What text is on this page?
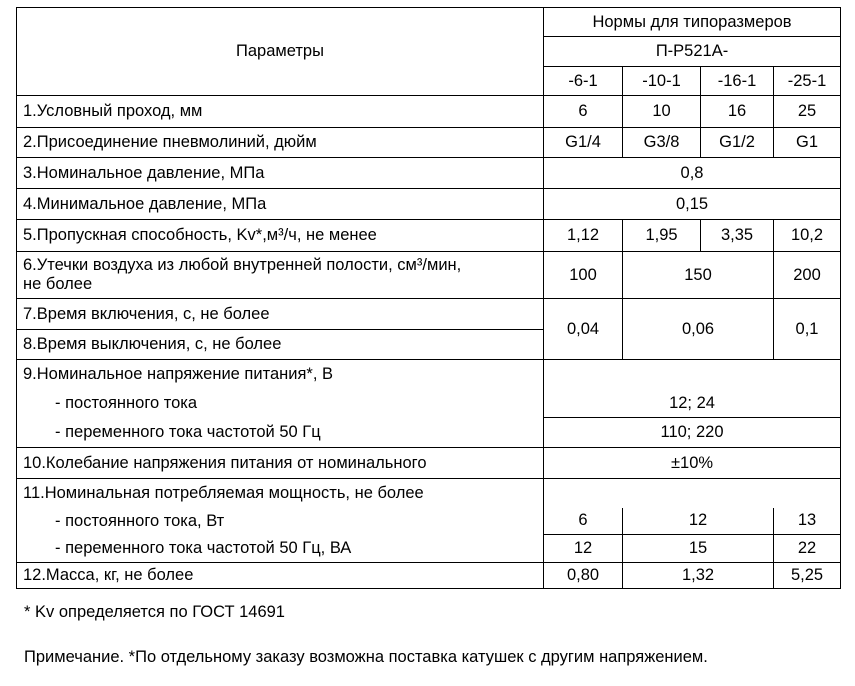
Параметры	Нормы для типоразмеров			
	П-Р521А-			
	-6-1	-10-1	-16-1	-25-1
1.Условный проход, мм	6	10	16	25
2.Присоединение пневмолиний, дюйм	G1/4	G3/8	G1/2	G1
3.Номинальное давление, МПа	0,8			
4.Минимальное давление, МПа	0,15			
5.Пропускная способность, Kv*,м³/ч, не менее	1,12	1,95	3,35	10,2

6.Утечки воздуха из любой внутренней полости, см³/мин,
не более	100	150		200
7.Время включения, с, не более	0,04	0,06		0,1
8.Время выключения, с, не более				
9.Номинальное напряжение питания*, В				
- постоянного тока	12; 24			
- переменного тока частотой 50 Гц	110; 220			
10.Колебание напряжения питания от номинального	±10%			
11.Номинальная потребляемая мощность, не более				
- постоянного тока, Вт	6	12		13
- переменного тока частотой 50 Гц, ВА	12	15		22
12.Масса, кг, не более	0,80	1,32		5,25
* Kv определяется по ГОСТ 14691
Примечание. *По отдельному заказу возможна поставка катушек с другим напряжением.
